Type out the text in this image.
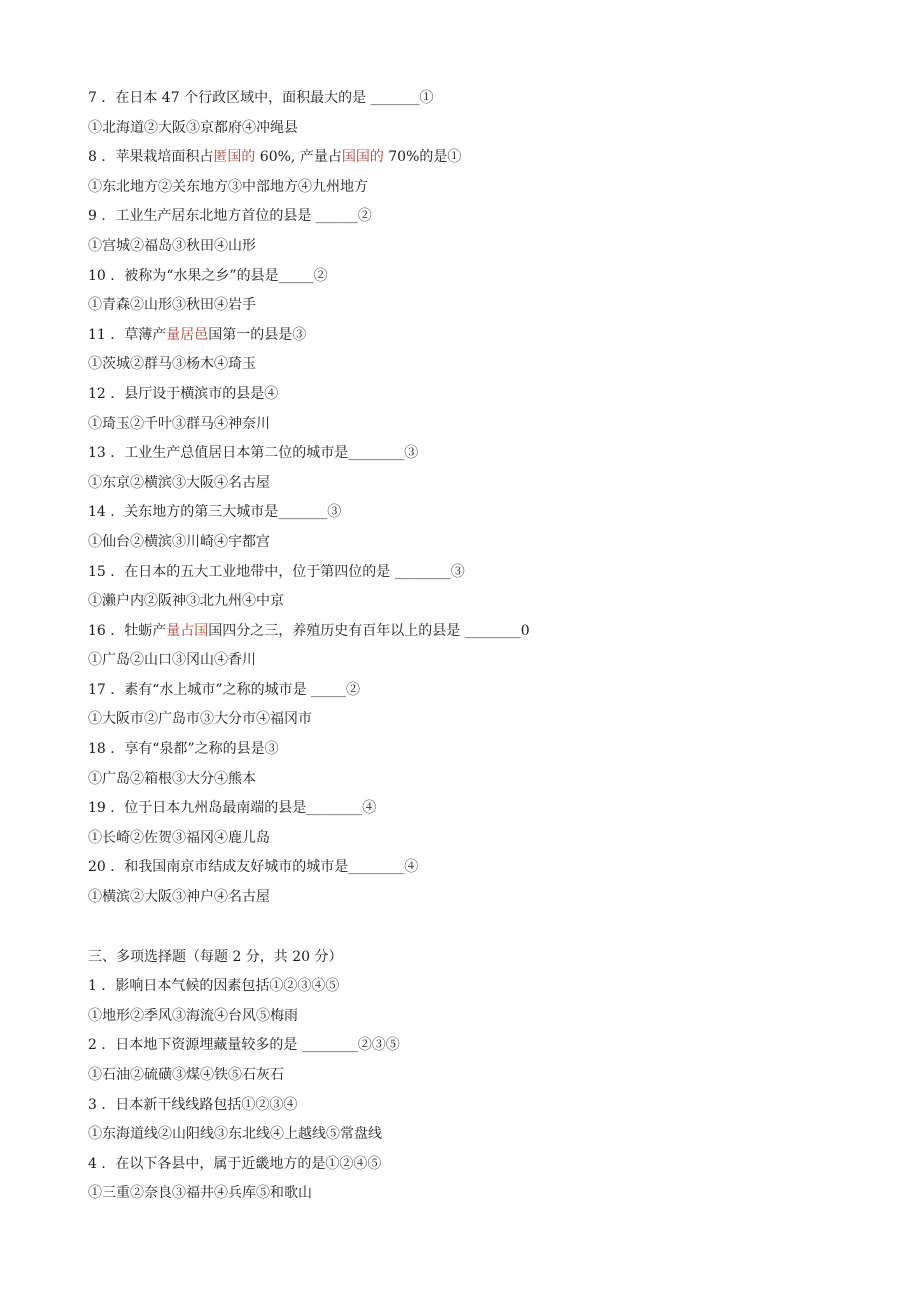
7 ．在日本 47 个行政区域中，面积最大的是 _______①
①北海道②大阪③京都府④冲绳县
8 ．苹果栽培面积占匿国的 60%, 产量占国国的 70%的是①
①东北地方②关东地方③中部地方④九州地方
9 ．工业生产居东北地方首位的县是 ______②
①宫城②福岛③秋田④山形
10 ．被称为“水果之乡”的县是_____②
①青森②山形③秋田④岩手
11 ．草薄产量居邑国第一的县是③
①茨城②群马③杨木④琦玉
12 ．县厅设于横滨市的县是④
①琦玉②千叶③群马④神奈川
13 ．工业生产总值居日本第二位的城市是________③
①东京②横滨③大阪④名古屋
14 ．关东地方的第三大城市是_______③
①仙台②横滨③川崎④宇都宫
15 ．在日本的五大工业地带中，位于第四位的是 ________③
①濑户内②阪神③北九州④中京
16 ．牡蛎产量占国国四分之三，养殖历史有百年以上的县是 ________0
①广岛②山口③冈山④香川
17 ．素有“水上城市”之称的城市是 _____②
①大阪市②广岛市③大分市④福冈市
18 ．享有“泉都”之称的县是③
①广岛②箱根③大分④熊本
19 ．位于日本九州岛最南端的县是________④
①长崎②佐贺③福冈④鹿儿岛
20 ．和我国南京市结成友好城市的城市是________④
①横滨②大阪③神户④名古屋
三、多项选择题（每题 2 分，共 20 分）
1 ．影响日本气候的因素包括①②③④⑤
①地形②季风③海流④台风⑤梅雨
2 ．日本地下资源埋藏量较多的是 ________②③⑤
①石油②硫磺③煤④铁⑤石灰石
3 ．日本新干线线路包括①②③④
①东海道线②山阳线③东北线④上越线⑤常盘线
4 ．在以下各县中，属于近畿地方的是①②④⑤
①三重②奈良③福井④兵库⑤和歌山
